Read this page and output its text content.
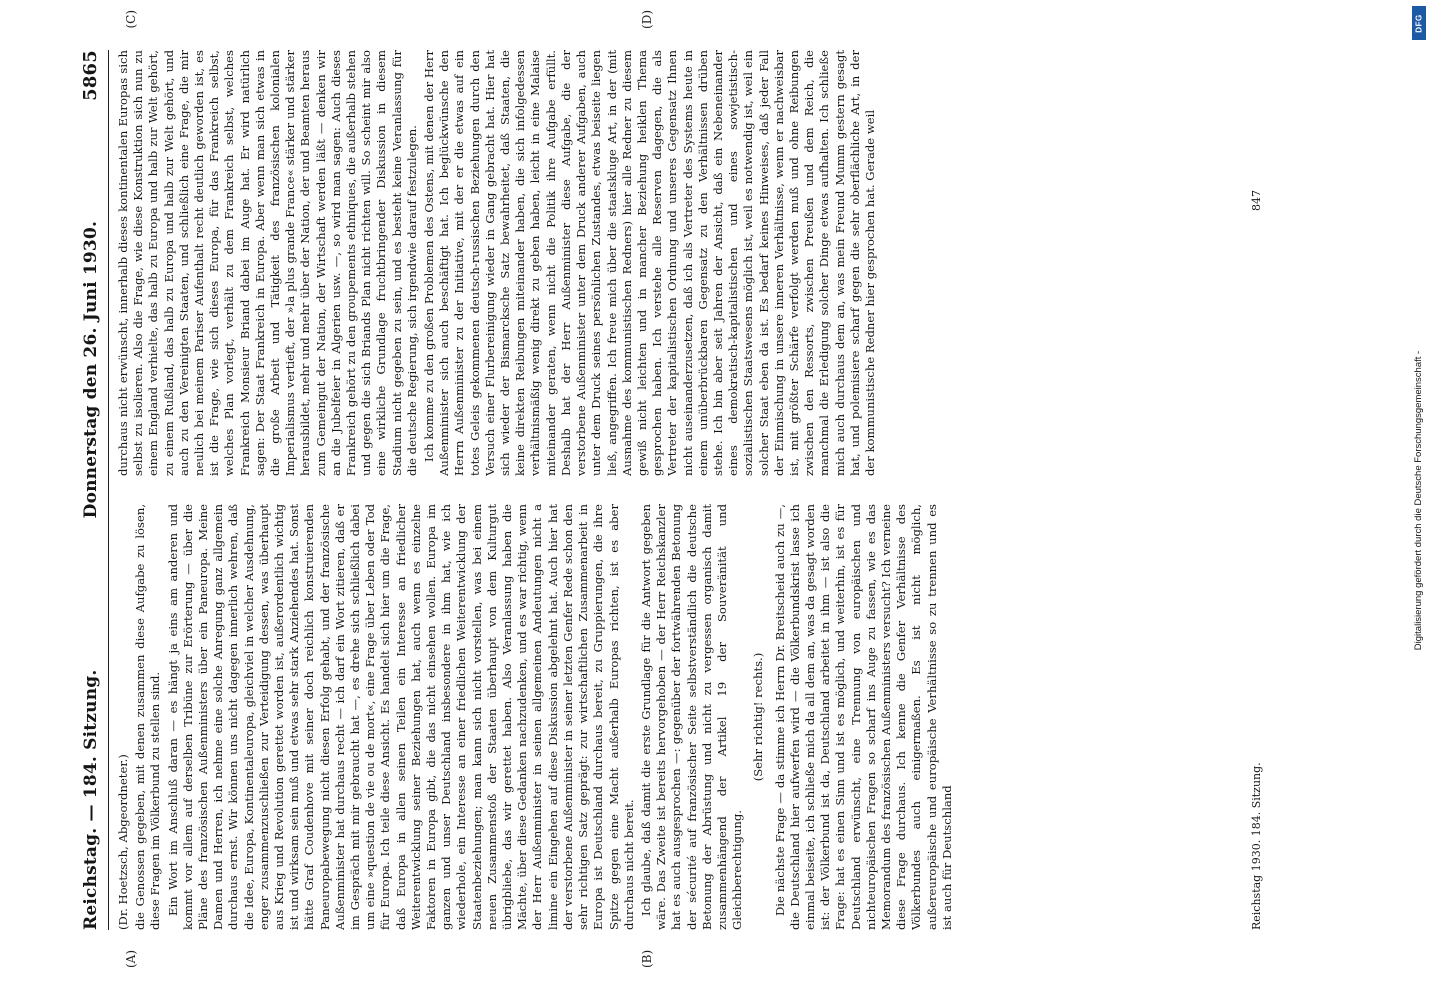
Reichstag. — 184. Sitzung.
Donnerstag den 26. Juni 1930.
5865
(A)	(B)
(C)	(D)

(Dr. Hoetzsch, Abgeordneter.) die Genossen gegeben, mit denen zusammen diese Aufgabe zu lösen, diese Fragen im Völkerbund zu stellen sind. Ein Wort im Anschluß daran — es hängt ja eins am anderen und kommt vor allem auf derselben Tribüne zur Erörterung — über die Pläne des französischen Außenministers über ein Paneuropa. Meine Damen und Herren, ich nehme eine solche Anregung ganz allgemein durchaus ernst. Wir können uns nicht dagegen innerlich wehren, daß die Idee, Europa, Kontinentaleuropa, gleichviel in welcher Ausdehnung, enger zusammenzuschließen zur Verteidigung dessen, was überhaupt aus Krieg und Revolution gerettet worden ist, außerordentlich wichtig ist und wirksam sein muß und etwas sehr stark Anziehendes hat. Sonst hätte Graf Coudenhove mit seiner doch reichlich konstruierenden Paneuropabewegung nicht diesen Erfolg gehabt, und der französische Außenminister hat durchaus recht — ich darf ein Wort zitieren, daß er im Gespräch mit mir gebraucht hat —, es drehe sich schließlich dabei um eine »question de vie ou de mort«, eine Frage über Leben oder Tod für Europa. Ich teile diese Ansicht. Es handelt sich hier um die Frage, daß Europa in allen seinen Teilen ein Interesse an friedlicher Weiterentwicklung seiner Beziehungen hat, auch wenn es einzelne Faktoren in Europa gibt, die das nicht einsehen wollen. Europa im ganzen und unser Deutschland insbesondere in ihm hat, wie ich wiederhole, ein Interesse an einer friedlichen Weiterentwicklung der Staatenbeziehungen; man kann sich nicht vorstellen, was bei einem neuen Zusammenstoß der Staaten überhaupt von dem Kulturgut übrigbliebe, das wir gerettet haben. Also Veranlassung haben die Mächte, über diese Gedanken nachzudenken, und es war richtig, wenn der Herr Außenminister in seinen allgemeinen Andeutungen nicht a limine ein Eingehen auf diese Diskussion abgelehnt hat. Auch hier hat der verstorbene Außenminister in seiner letzten Genfer Rede schon den sehr richtigen Satz geprägt: zur wirtschaftlichen Zusammenarbeit in Europa ist Deutschland durchaus bereit, zu Gruppierungen, die ihre Spitze gegen eine Macht außerhalb Europas richten, ist es aber durchaus nicht bereit. Ich glaube, daß damit die erste Grundlage für die Antwort gegeben wäre. Das Zweite ist bereits hervorgehoben — der Herr Reichskanzler hat es auch ausgesprochen —: gegenüber der fortwährenden Betonung der sécurité auf französischer Seite selbstverständlich die deutsche Betonung der Abrüstung und nicht zu vergessen organisch damit zusammenhängend der Artikel 19 der Souveränität und Gleichberechtigung.

(Sehr richtig! rechts.) Die nächste Frage — da stimme ich Herrn Dr. Breitscheid auch zu —, die Deutschland hier aufwerfen wird — die Völkerbundskrist lasse ich einmal beiseite, ich schließe mich da all dem an, was da gesagt worden ist: der Völkerbund ist da, Deutschland arbeitet in ihm — ist also die Frage: hat es einen Sinn und ist es möglich, und weiterhin, ist es für Deutschland erwünscht, eine Trennung von europäischen und nichteuropäischen Fragen so scharf ins Auge zu fassen, wie es das Memorandum des französischen Außenministers versucht? Ich verneine diese Frage durchaus. Ich kenne die Genfer Verhältnisse des Völkerbundes auch einigermaßen. Es ist nicht möglich, außereuropäische und europäische Verhältnisse so zu trennen und es ist auch für Deutschland

durchaus nicht erwünscht, innerhalb dieses kontinentalen Europas sich selbst zu isolieren. Also die Frage, wie diese Konstruktion sich nun zu einem England verhielte, das halb zu Europa und halb zur Welt gehört, zu einem Rußland, das halb zu Europa und halb zur Welt gehört, und auch zu den Vereinigten Staaten, und schließlich eine Frage, die mir neulich bei meinem Pariser Aufenthalt recht deutlich geworden ist, es ist die Frage, wie sich dieses Europa, für das Frankreich selbst, welches Plan vorlegt, verhält zu dem Frankreich selbst, welches Frankreich Monsieur Briand dabei im Auge hat. Er wird natürlich sagen: Der Staat Frankreich in Europa. Aber wenn man sich etwas in die große Arbeit und Tätigkeit des französischen kolonialen Imperialismus vertieft, der »la plus grande France« stärker und stärker herausbildet, mehr und mehr über der Nation, der und Beamten heraus zum Gemeingut der Nation, der Wirtschaft werden läßt — denken wir an die Jubelfeier in Algerien usw. —, so wird man sagen: Auch dieses Frankreich gehört zu den groupements ethniques, die außerhalb stehen und gegen die sich Briands Plan nicht richten will. So scheint mir also eine wirkliche Grundlage fruchtbringender Diskussion in diesem Stadium nicht gegeben zu sein, und es besteht keine Veranlassung für die deutsche Regierung, sich irgendwie darauf festzulegen. Ich komme zu den großen Problemen des Ostens, mit denen der Herr Außenminister sich auch beschäftigt hat. Ich beglückwünsche den Herrn Außenminister zu der Initiative, mit der er die etwas auf ein totes Geleis gekommenen deutsch-russischen Beziehungen durch den Versuch einer Flurbereinigung wieder in Gang gebracht hat. Hier hat sich wieder der Bismarcksche Satz bewahrheitet, daß Staaten, die keine direkten Reibungen miteinander haben, die sich infolgedessen verhältnismäßig wenig direkt zu geben haben, leicht in eine Malaise miteinander geraten, wenn nicht die Politik ihre Aufgabe erfüllt. Deshalb hat der Herr Außenminister diese Aufgabe, die der verstorbene Außenminister unter dem Druck anderer Aufgaben, auch unter dem Druck seines persönlichen Zustandes, etwas beiseite liegen ließ, angegriffen. Ich freue mich über die staatskluge Art, in der (mit Ausnahme des kommunistischen Redners) hier alle Redner zu diesem gewiß nicht leichten und in mancher Beziehung heiklen Thema gesprochen haben. Ich verstehe alle Reserven dagegen, die als Vertreter der kapitalistischen Ordnung und unseres Gegensatz Ihnen nicht auseinanderzusetzen, daß ich als Vertreter des Systems heute in einem unüberbrückbaren Gegensatz zu den Verhältnissen drüben stehe. Ich bin aber seit Jahren der Ansicht, daß ein Nebeneinander eines demokratisch-kapitalistischen und eines sowjetistisch-sozialistischen Staatswesens möglich ist, weil es notwendig ist, weil ein solcher Staat eben da ist. Es bedarf keines Hinweises, daß jeder Fall der Einmischung in unsere inneren Verhältnisse, wenn er nachweisbar ist, mit größter Schärfe verfolgt werden muß und ohne Reibungen zwischen den Ressorts, zwischen Preußen und dem Reich, die manchmal die Erledigung solcher Dinge etwas aufhalten. Ich schließe mich auch durchaus dem an, was mein Freund Mumm gestern gesagt hat, und polemisiere scharf gegen die sehr oberflächliche Art, in der der kommunistische Redner hier gesprochen hat. Gerade weil

Reichstag 1930. 184. Sitzung.
847
Digitalisierung gefördert durch die Deutsche Forschungsgemeinschaft -
DFG
